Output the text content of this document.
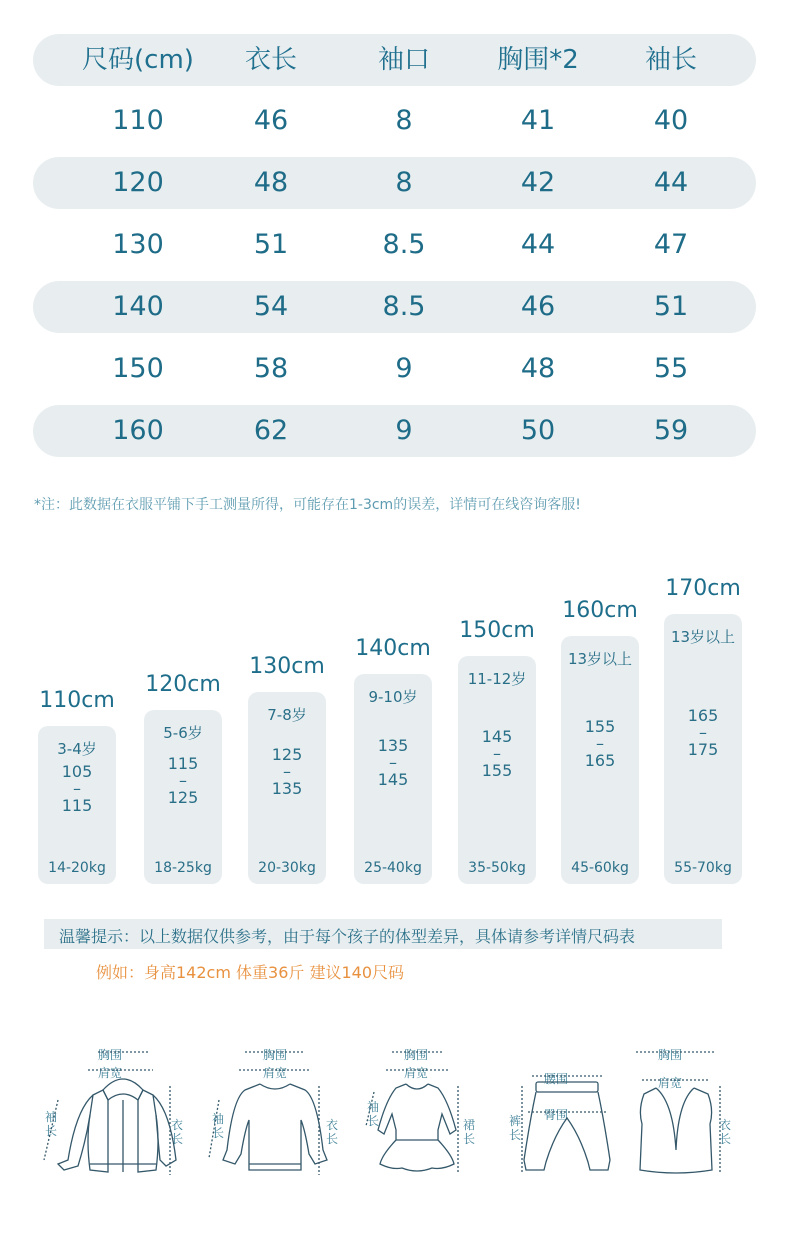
尺码(cm)	衣长	袖口	胸围*2	袖长
110	46	8	41	40
120	48	8	42	44
130	51	8.5	44	47
140	54	8.5	46	51
150	58	9	48	55
160	62	9	50	59
*注：此数据在衣服平铺下手工测量所得，可能存在1-3cm的误差，详情可在线咨询客服!
110cm
3-4岁
105
–
115
14-20kg
120cm
5-6岁
115
–
125
18-25kg
130cm
7-8岁
125
–
135
20-30kg
140cm
9-10岁
135
–
145
25-40kg
150cm
11-12岁
145
–
155
35-50kg
160cm
13岁以上
155
–
165
45-60kg
170cm
13岁以上
165
–
175
55-70kg
温馨提示：以上数据仅供参考，由于每个孩子的体型差异，具体请参考详情尺码表
例如：身高142cm 体重36斤 建议140尺码
胸围
肩宽
袖长	衣长
胸围
肩宽
袖长
衣长
胸围
肩宽
袖长	裙长
腰围
臀围
裤长
胸围
肩宽
衣长
